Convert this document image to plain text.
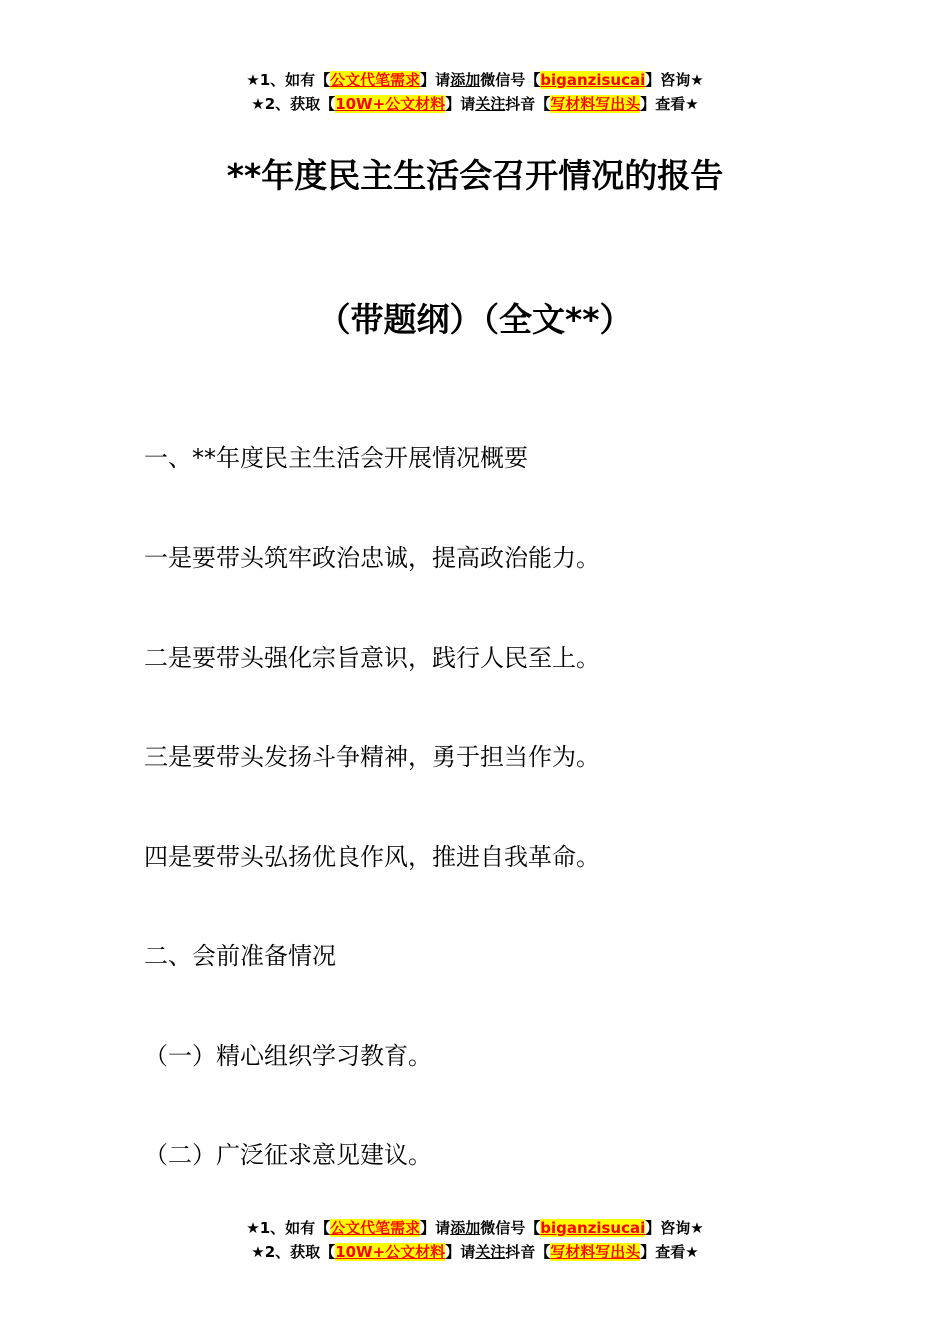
★1、如有【公文代笔需求】请添加微信号【biganzisucai】咨询★
★2、获取【10W+公文材料】请关注抖音【写材料写出头】查看★
**年度民主生活会召开情况的报告
（带题纲）（全文**）
一、**年度民主生活会开展情况概要
一是要带头筑牢政治忠诚，提高政治能力。
二是要带头强化宗旨意识，践行人民至上。
三是要带头发扬斗争精神，勇于担当作为。
四是要带头弘扬优良作风，推进自我革命。
二、会前准备情况
（一）精心组织学习教育。
（二）广泛征求意见建议。
★1、如有【公文代笔需求】请添加微信号【biganzisucai】咨询★
★2、获取【10W+公文材料】请关注抖音【写材料写出头】查看★
